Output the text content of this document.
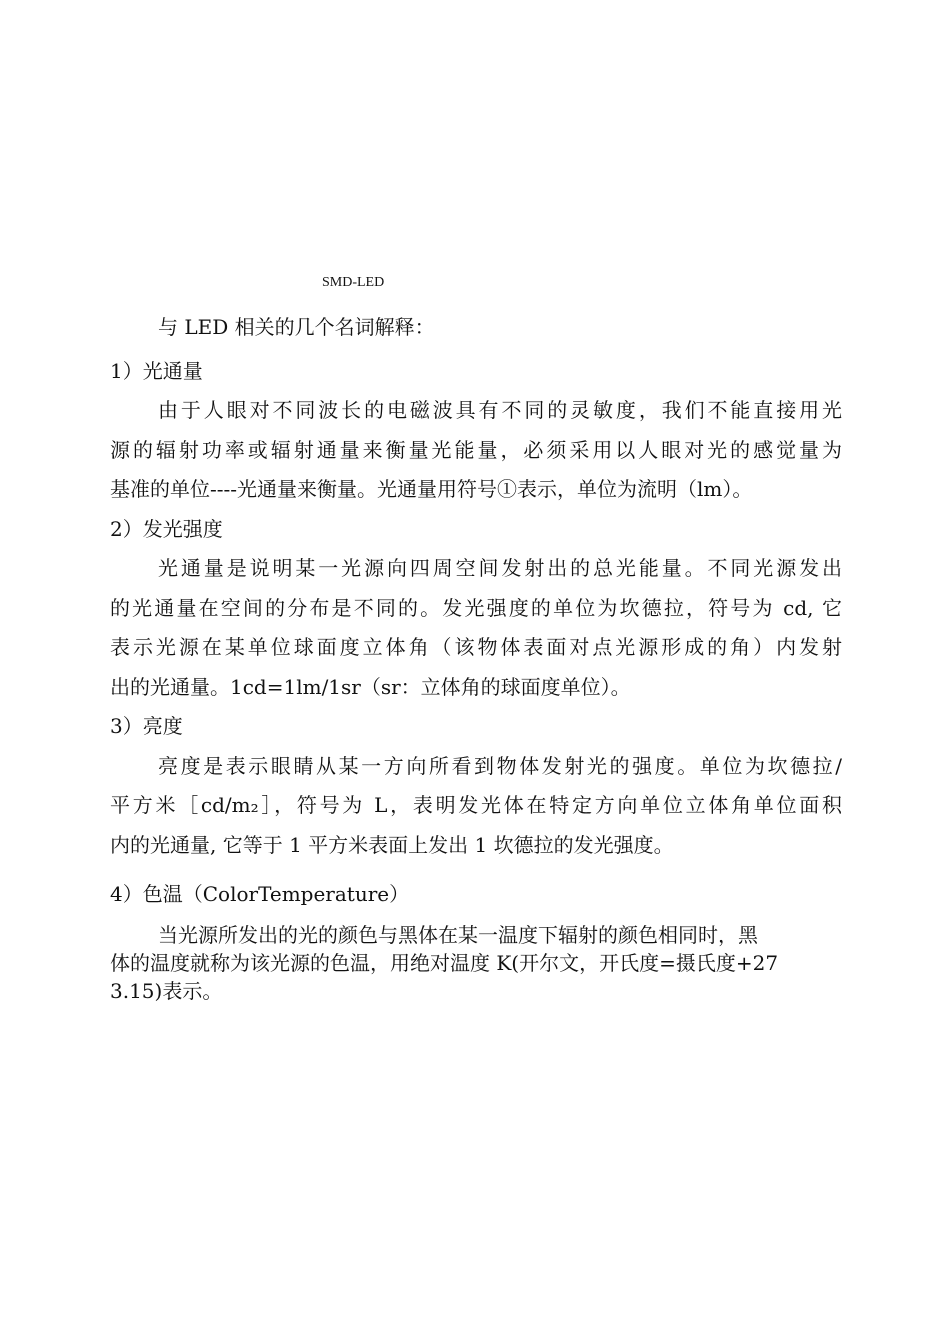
SMD-LED
与 LED 相关的几个名词解释：
1）光通量
由于人眼对不同波长的电磁波具有不同的灵敏度，我们不能直接用光
源的辐射功率或辐射通量来衡量光能量，必须采用以人眼对光的感觉量为
基准的单位----光通量来衡量。光通量用符号①表示，单位为流明（lm）。
2）发光强度
光通量是说明某一光源向四周空间发射出的总光能量。不同光源发出
的光通量在空间的分布是不同的。发光强度的单位为坎德拉，符号为 cd, 它
表示光源在某单位球面度立体角（该物体表面对点光源形成的角）内发射
出的光通量。1cd=1lm/1sr（sr：立体角的球面度单位）。
3）亮度
亮度是表示眼睛从某一方向所看到物体发射光的强度。单位为坎德拉/
平方米［cd/m₂］，符号为 L，表明发光体在特定方向单位立体角单位面积
内的光通量, 它等于 1 平方米表面上发出 1 坎德拉的发光强度。
4）色温（ColorTemperature）
当光源所发出的光的颜色与黑体在某一温度下辐射的颜色相同时，黑
体的温度就称为该光源的色温，用绝对温度 K(开尔文，开氏度=摄氏度+27
3.15)表示。
